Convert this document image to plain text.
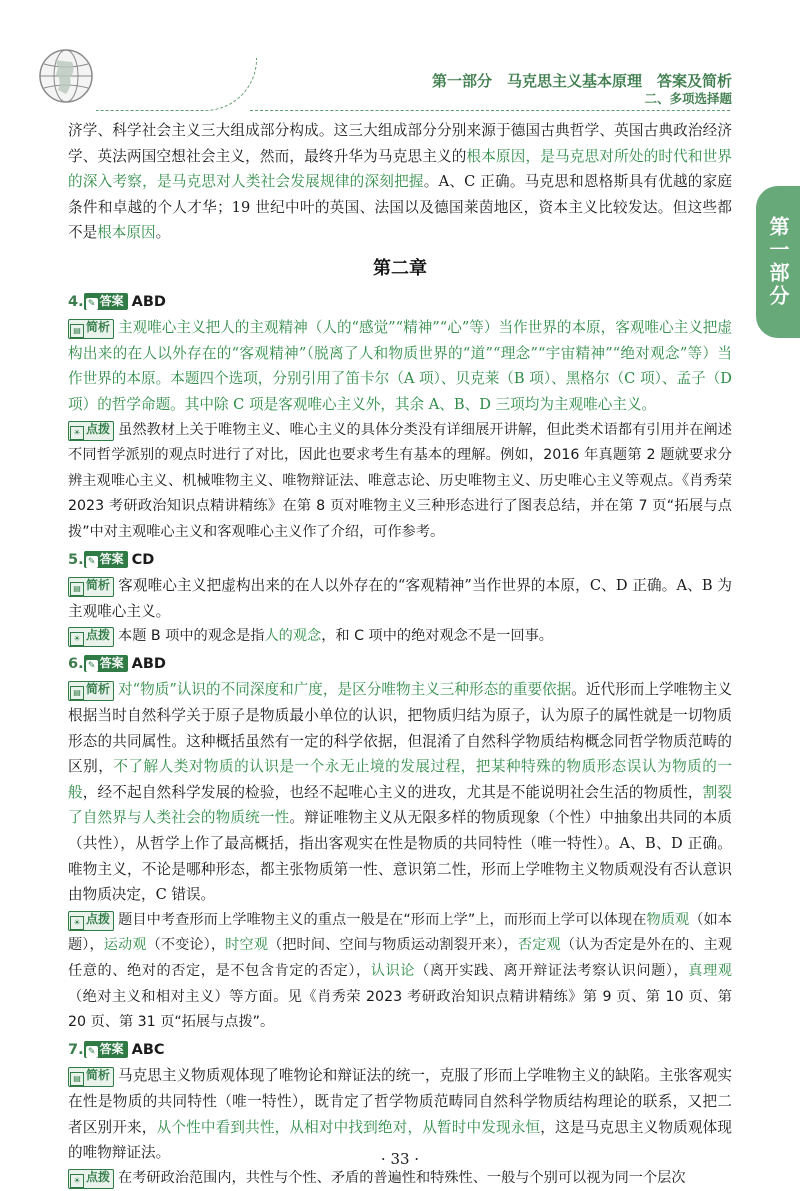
第一部分　马克思主义基本原理　答案及简析
二、多项选择题
第一部分

济学、科学社会主义三大组成部分构成。这三大组成部分分别来源于德国古典哲学、英国古典政治经济学、英法两国空想社会主义，然而，最终升华为马克思主义的根本原因，是马克思对所处的时代和世界的深入考察，是马克思对人类社会发展规律的深刻把握。A、C 正确。马克思和恩格斯具有优越的家庭条件和卓越的个人才华；19 世纪中叶的英国、法国以及德国莱茵地区，资本主义比较发达。但这些都不是根本原因。

第二章
4. ✎ 答案 ABD

▤ 简析 主观唯心主义把人的主观精神（人的“感觉”“精神”“心”等）当作世界的本原，客观唯心主义把虚构出来的在人以外存在的“客观精神”（脱离了人和物质世界的“道”“理念”“宇宙精神”“绝对观念”等）当作世界的本原。本题四个选项，分别引用了笛卡尔（A 项）、贝克莱（B 项）、黑格尔（C 项）、孟子（D 项）的哲学命题。其中除 C 项是客观唯心主义外，其余 A、B、D 三项均为主观唯心主义。

☀ 点拨 虽然教材上关于唯物主义、唯心主义的具体分类没有详细展开讲解，但此类术语都有引用并在阐述不同哲学派别的观点时进行了对比，因此也要求考生有基本的理解。例如，2016 年真题第 2 题就要求分辨主观唯心主义、机械唯物主义、唯物辩证法、唯意志论、历史唯物主义、历史唯心主义等观点。《肖秀荣 2023 考研政治知识点精讲精练》在第 8 页对唯物主义三种形态进行了图表总结，并在第 7 页“拓展与点拨”中对主观唯心主义和客观唯心主义作了介绍，可作参考。

5. ✎ 答案 CD

▤ 简析 客观唯心主义把虚构出来的在人以外存在的“客观精神”当作世界的本原，C、D 正确。A、B 为主观唯心主义。

☀ 点拨 本题 B 项中的观念是指人的观念，和 C 项中的绝对观念不是一回事。

6. ✎ 答案 ABD

▤ 简析 对“物质”认识的不同深度和广度，是区分唯物主义三种形态的重要依据。近代形而上学唯物主义根据当时自然科学关于原子是物质最小单位的认识，把物质归结为原子，认为原子的属性就是一切物质形态的共同属性。这种概括虽然有一定的科学依据，但混淆了自然科学物质结构概念同哲学物质范畴的区别，不了解人类对物质的认识是一个永无止境的发展过程，把某种特殊的物质形态误认为物质的一般，经不起自然科学发展的检验，也经不起唯心主义的进攻，尤其是不能说明社会生活的物质性，割裂了自然界与人类社会的物质统一性。辩证唯物主义从无限多样的物质现象（个性）中抽象出共同的本质（共性），从哲学上作了最高概括，指出客观实在性是物质的共同特性（唯一特性）。A、B、D 正确。唯物主义，不论是哪种形态，都主张物质第一性、意识第二性，形而上学唯物主义物质观没有否认意识由物质决定，C 错误。

☀ 点拨 题目中考查形而上学唯物主义的重点一般是在“形而上学”上，而形而上学可以体现在物质观（如本题），运动观（不变论），时空观（把时间、空间与物质运动割裂开来），否定观（认为否定是外在的、主观任意的、绝对的否定，是不包含肯定的否定），认识论（离开实践、离开辩证法考察认识问题），真理观（绝对主义和相对主义）等方面。见《肖秀荣 2023 考研政治知识点精讲精练》第 9 页、第 10 页、第 20 页、第 31 页“拓展与点拨”。

7. ✎ 答案 ABC

▤ 简析 马克思主义物质观体现了唯物论和辩证法的统一，克服了形而上学唯物主义的缺陷。主张客观实在性是物质的共同特性（唯一特性），既肯定了哲学物质范畴同自然科学物质结构理论的联系，又把二者区别开来，从个性中看到共性，从相对中找到绝对，从暂时中发现永恒，这是马克思主义物质观体现的唯物辩证法。

☀ 点拨 在考研政治范围内，共性与个性、矛盾的普遍性和特殊性、一般与个别可以视为同一个层次

· 33 ·
